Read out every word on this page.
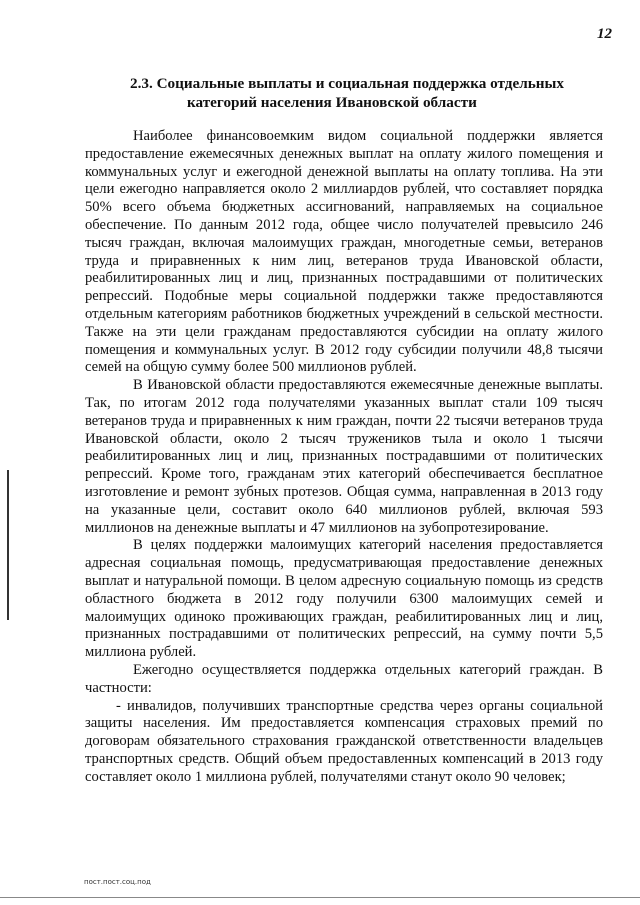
12
2.3. Социальные выплаты и социальная поддержка отдельных
категорий населения Ивановской области

Наиболее финансовоемким видом социальной поддержки является предоставление ежемесячных денежных выплат на оплату жилого помещения и коммунальных услуг и ежегодной денежной выплаты на оплату топлива. На эти цели ежегодно направляется около 2 миллиардов рублей, что составляет порядка 50% всего объема бюджетных ассигнований, направляемых на социальное обеспечение. По данным 2012 года, общее число получателей превысило 246 тысяч граждан, включая малоимущих граждан, многодетные семьи, ветеранов труда и приравненных к ним лиц, ветеранов труда Ивановской области, реабилитированных лиц и лиц, признанных пострадавшими от политических репрессий. Подобные меры социальной поддержки также предоставляются отдельным категориям работников бюджетных учреждений в сельской местности. Также на эти цели гражданам предоставляются субсидии на оплату жилого помещения и коммунальных услуг. В 2012 году субсидии получили 48,8 тысячи семей на общую сумму более 500 миллионов рублей.

В Ивановской области предоставляются ежемесячные денежные выплаты. Так, по итогам 2012 года получателями указанных выплат стали 109 тысяч ветеранов труда и приравненных к ним граждан, почти 22 тысячи ветеранов труда Ивановской области, около 2 тысяч тружеников тыла и около 1 тысячи реабилитированных лиц и лиц, признанных пострадавшими от политических репрессий. Кроме того, гражданам этих категорий обеспечивается бесплатное изготовление и ремонт зубных протезов. Общая сумма, направленная в 2013 году на указанные цели, составит около 640 миллионов рублей, включая 593 миллионов на денежные выплаты и 47 миллионов на зубопротезирование.

В целях поддержки малоимущих категорий населения предоставляется адресная социальная помощь, предусматривающая предоставление денежных выплат и натуральной помощи. В целом адресную социальную помощь из средств областного бюджета в 2012 году получили 6300 малоимущих семей и малоимущих одиноко проживающих граждан, реабилитированных лиц и лиц, признанных пострадавшими от политических репрессий, на сумму почти 5,5 миллиона рублей.

Ежегодно осуществляется поддержка отдельных категорий граждан. В частности:

- инвалидов, получивших транспортные средства через органы социальной защиты населения. Им предоставляется компенсация страховых премий по договорам обязательного страхования гражданской ответственности владельцев транспортных средств. Общий объем предоставленных компенсаций в 2013 году составляет около 1 миллиона рублей, получателями станут около 90 человек;

пост.пост.соц.под
